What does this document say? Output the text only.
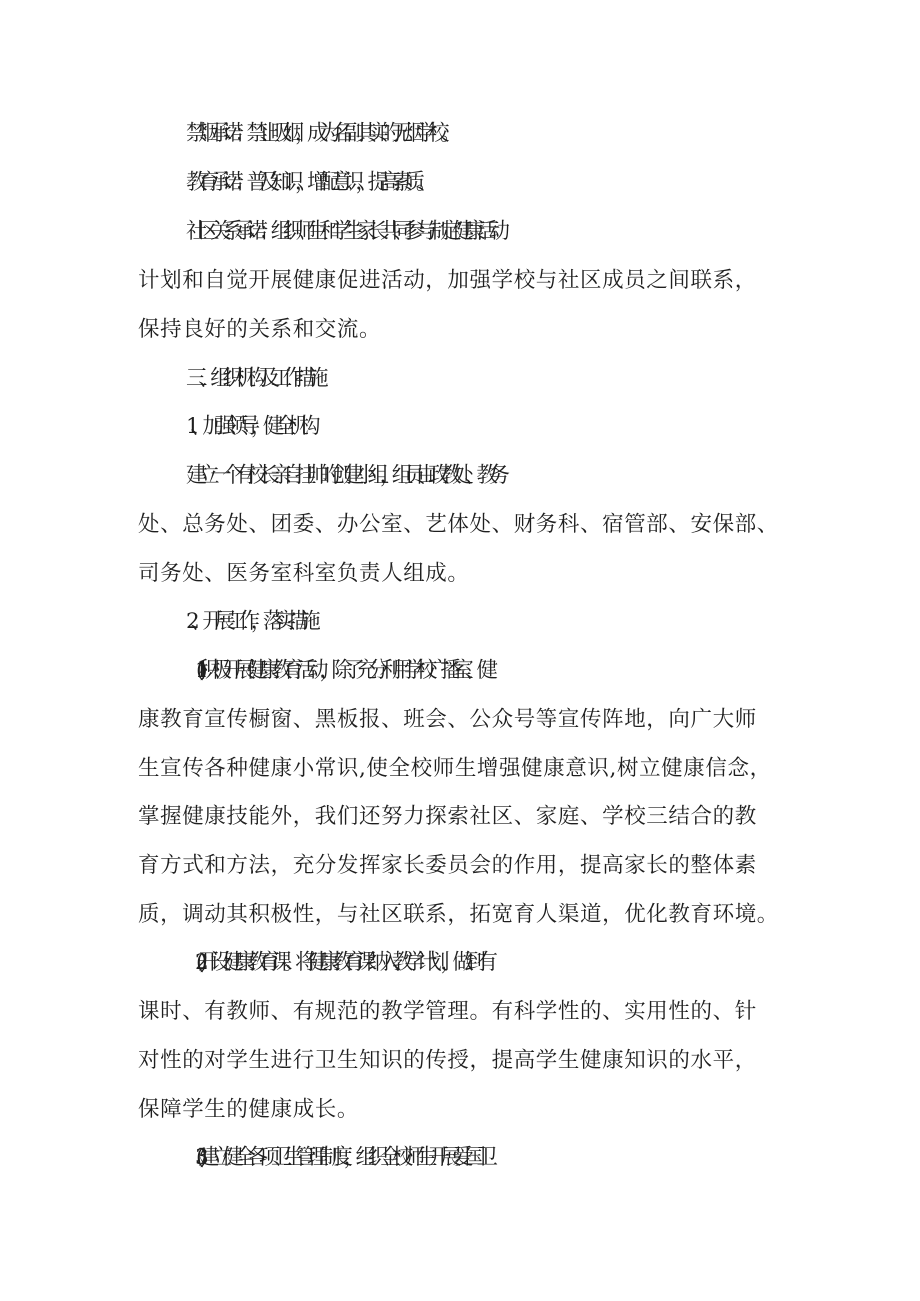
禁烟承诺：禁止吸烟，成为名副其实的无烟学校。
教育承诺：普及知识，增配意识，提高素质。
社区关系承诺：组织师生和学生家长共同参与制定健康活动
计划和自觉开展健康促进活动，加强学校与社区成员之间联系，
保持良好的关系和交流。
三、组织机构及工作措施
1、加强领导，健全机构
建立一个有校长亲自挂帅的创建小组，组员由政教处、教务
处、总务处、团委、办公室、艺体处、财务科、宿管部、安保部、
司务处、医务室科室负责人组成。
2、开展工作，落实措施
(1)积极开展健康教育活动，除了充分利用学校广播室、健
康教育宣传橱窗、黑板报、班会、公众号等宣传阵地，向广大师
生宣传各种健康小常识,使全校师生增强健康意识,树立健康信念，
掌握健康技能外，我们还努力探索社区、家庭、学校三结合的教
育方式和方法，充分发挥家长委员会的作用，提高家长的整体素
质，调动其积极性，与社区联系，拓宽育人渠道，优化教育环境。
(2)开设健康教育课。将健康教育课纳入教学计划，做到有
课时、有教师、有规范的教学管理。有科学性的、实用性的、针
对性的对学生进行卫生知识的传授，提高学生健康知识的水平，
保障学生的健康成长。
(3)建立健全各项卫生管理制度，组织全校师生开展爱国卫
